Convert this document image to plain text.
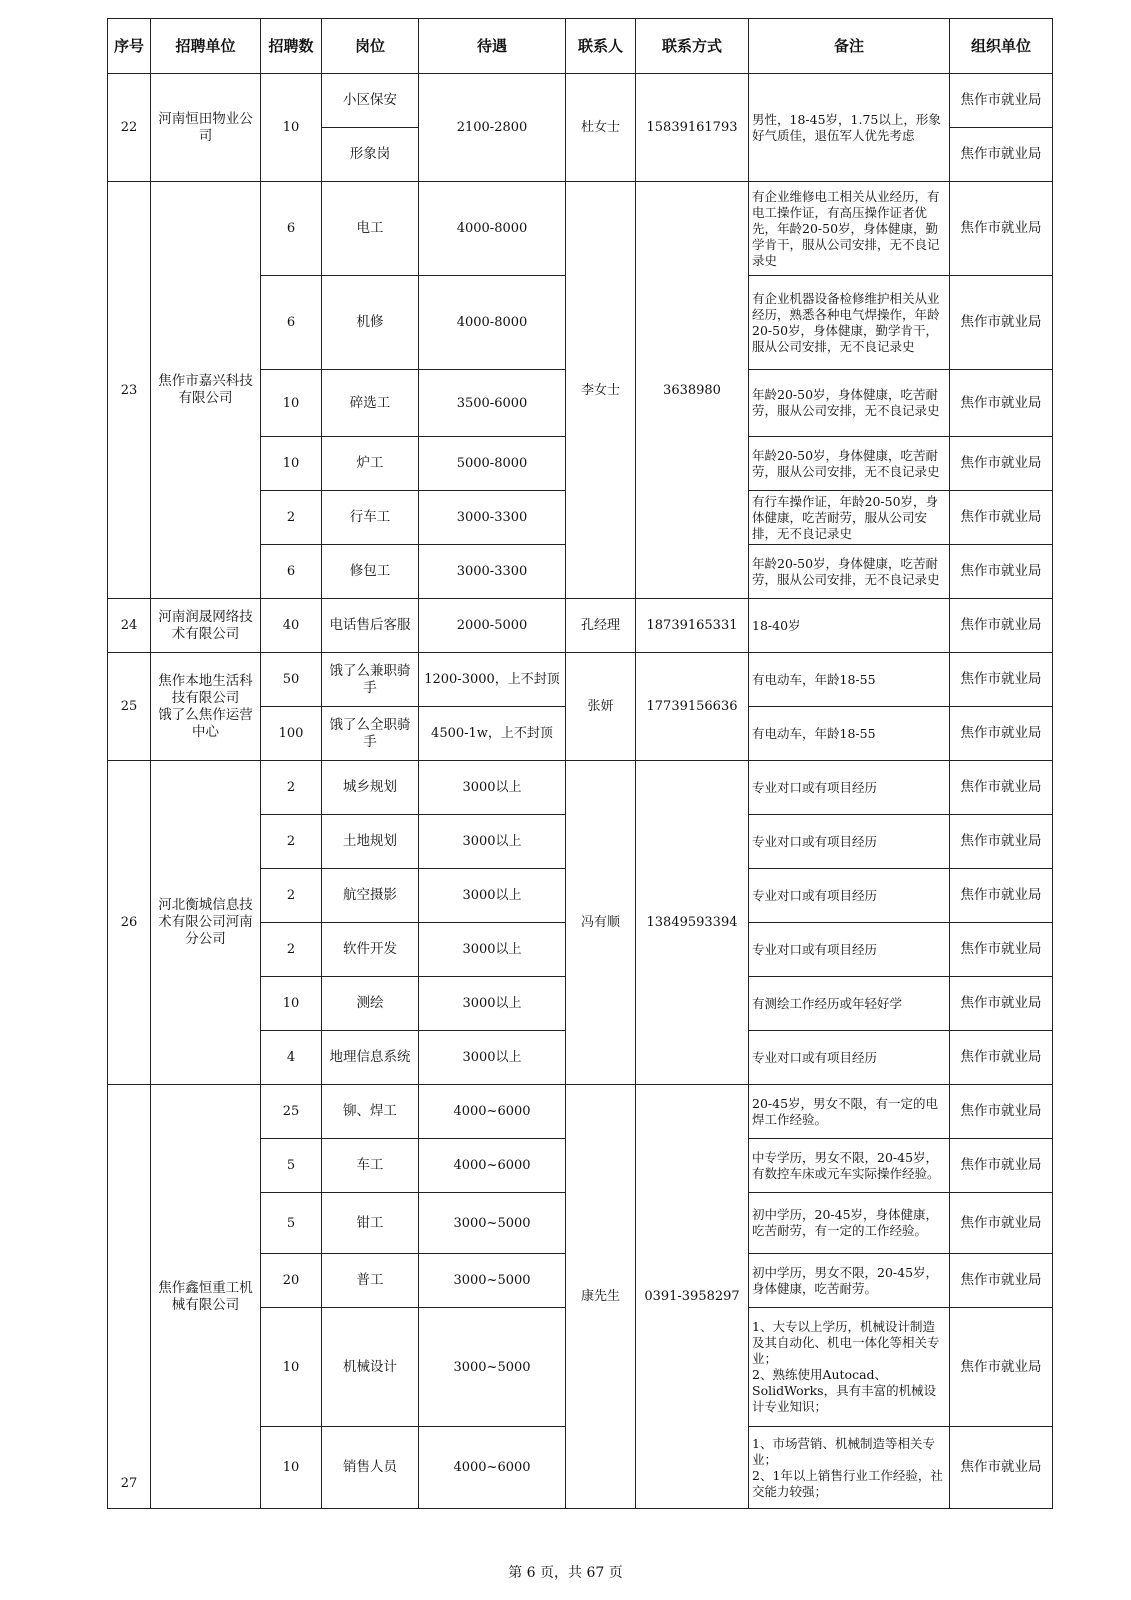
序号	招聘单位	招聘数	岗位	待遇	联系人	联系方式	备注	组织单位
22	河南恒田物业公司	10	小区保安	2100-2800	杜女士	15839161793	男性，18-45岁，1.75以上，形象好气质佳，退伍军人优先考虑	焦作市就业局
			形象岗					焦作市就业局
23	焦作市嘉兴科技有限公司	6	电工	4000-8000	李女士	3638980	有企业维修电工相关从业经历，有电工操作证，有高压操作证者优先，年龄20-50岁，身体健康，勤学肯干，服从公司安排，无不良记录史	焦作市就业局
		6	机修	4000-8000			有企业机器设备检修维护相关从业经历，熟悉各种电气焊操作，年龄20-50岁，身体健康，勤学肯干，服从公司安排，无不良记录史	焦作市就业局
		10	碎选工	3500-6000			年龄20-50岁，身体健康，吃苦耐劳，服从公司安排，无不良记录史	焦作市就业局
		10	炉工	5000-8000			年龄20-50岁，身体健康，吃苦耐劳，服从公司安排，无不良记录史	焦作市就业局
		2	行车工	3000-3300			有行车操作证，年龄20-50岁，身体健康，吃苦耐劳，服从公司安排，无不良记录史	焦作市就业局
		6	修包工	3000-3300			年龄20-50岁，身体健康，吃苦耐劳，服从公司安排，无不良记录史	焦作市就业局
24	河南润晟网络技术有限公司	40	电话售后客服	2000-5000	孔经理	18739165331	18-40岁	焦作市就业局
25	焦作本地生活科技有限公司
饿了么焦作运营中心	50	饿了么兼职骑手	1200-3000，上不封顶	张妍	17739156636	有电动车，年龄18-55	焦作市就业局
		100	饿了么全职骑手	4500-1w，上不封顶			有电动车，年龄18-55	焦作市就业局
26	河北衡城信息技术有限公司河南分公司	2	城乡规划	3000以上	冯有顺	13849593394	专业对口或有项目经历	焦作市就业局
		2	土地规划	3000以上			专业对口或有项目经历	焦作市就业局
		2	航空摄影	3000以上			专业对口或有项目经历	焦作市就业局
		2	软件开发	3000以上			专业对口或有项目经历	焦作市就业局
		10	测绘	3000以上			有测绘工作经历或年轻好学	焦作市就业局
		4	地理信息系统	3000以上			专业对口或有项目经历	焦作市就业局
27	焦作鑫恒重工机械有限公司	25	铆、焊工	4000~6000	康先生	0391-3958297	20-45岁，男女不限，有一定的电焊工作经验。	焦作市就业局
		5	车工	4000~6000			中专学历，男女不限，20-45岁，有数控车床或元车实际操作经验。	焦作市就业局
		5	钳工	3000~5000			初中学历，20-45岁，身体健康，吃苦耐劳，有一定的工作经验。	焦作市就业局
		20	普工	3000~5000			初中学历，男女不限，20-45岁，身体健康，吃苦耐劳。	焦作市就业局
		10	机械设计	3000~5000			1、大专以上学历，机械设计制造及其自动化、机电一体化等相关专业；
2、熟练使用Autocad、SolidWorks，具有丰富的机械设计专业知识；	焦作市就业局
		10	销售人员	4000~6000			1、市场营销、机械制造等相关专业；
2、1年以上销售行业工作经验，社交能力较强；	焦作市就业局
第 6 页，共 67 页
